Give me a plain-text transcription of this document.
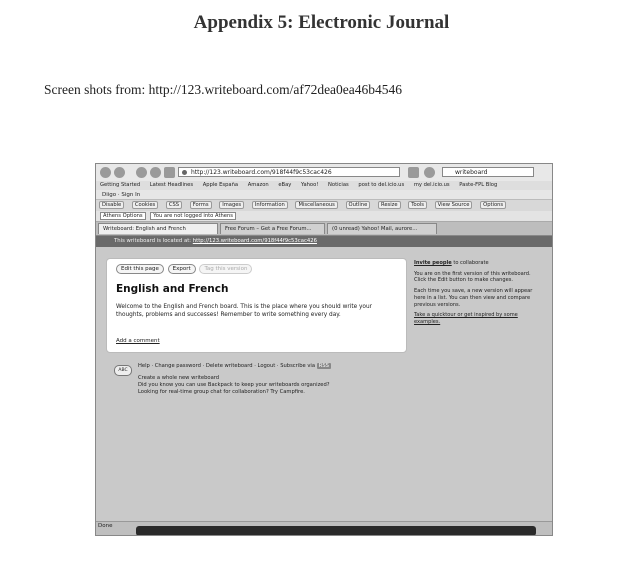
Appendix 5: Electronic Journal
Screen shots from: http://123.writeboard.com/af72dea0ea46b4546
http://123.writeboard.com/918f44f9c53cac426	writeboard
Getting Started Latest Headlines Apple España Amazon eBay Yahoo! Noticias post to del.icio.us my del.icio.us Paste-FPL Blog
Diigo · Sign In
Disable	Cookies	CSS	Forms	Images	Information	Miscellaneous	Outline	Resize	Tools	View Source	Options
Athens Options You are not logged into Athens
Writeboard: English and French	Free Forum – Get a Free Forum...	(0 unread) Yahoo! Mail, aurore...
This writeboard is located at: http://123.writeboard.com/918f44f9c53cac426
Edit this page	Export	Tag this version
English and French
Welcome to the English and French board. This is the place where you should write your thoughts, problems and successes! Remember to write something every day.
Add a comment

Invite people to collaborate

You are on the first version of this writeboard. Click the Edit button to make changes.

Each time you save, a new version will appear here in a list. You can then view and compare previous versions.

Take a quicktour or get inspired by some examples.

ABC
Help · Change password · Delete writeboard · Logout · Subscribe via RSS
Create a whole new writeboard
Did you know you can use Backpack to keep your writeboards organized?
Looking for real-time group chat for collaboration? Try Campfire.
Done
